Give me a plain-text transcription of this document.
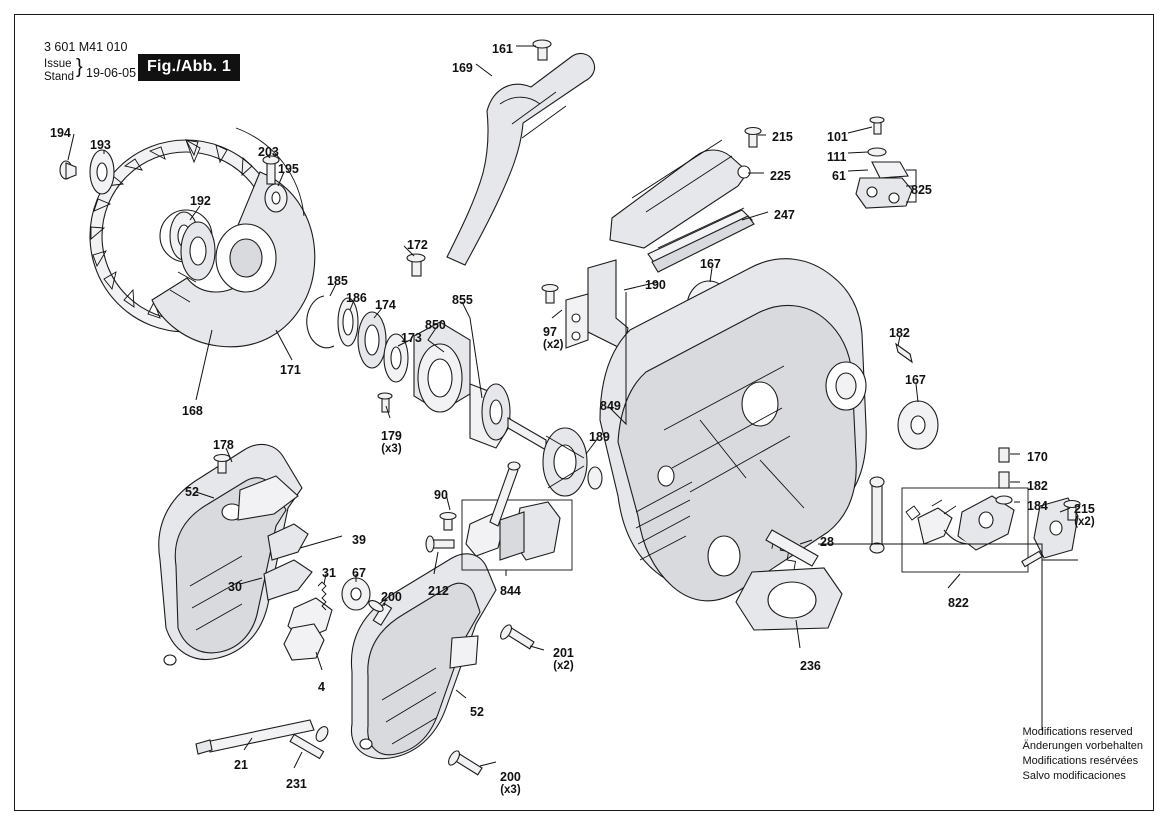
3 601 M41 010
Issue
Stand } 19-06-05 Fig./Abb. 1
161
169
215	101
111
61
825
225
247
194
193	203
195
192
172
167
190
185
186 174	855
850
173	97
(x2)
182
171
167
168
179
(x3)
849
189
178
170
182
184 215
(x2)
90
52
39	28
30
31 67
200 212	844
822
236
201
(x2)
4
52
21
231	200
(x3)
Modifications reserved
Änderungen vorbehalten
Modifications resérvées
Salvo modificaciones
